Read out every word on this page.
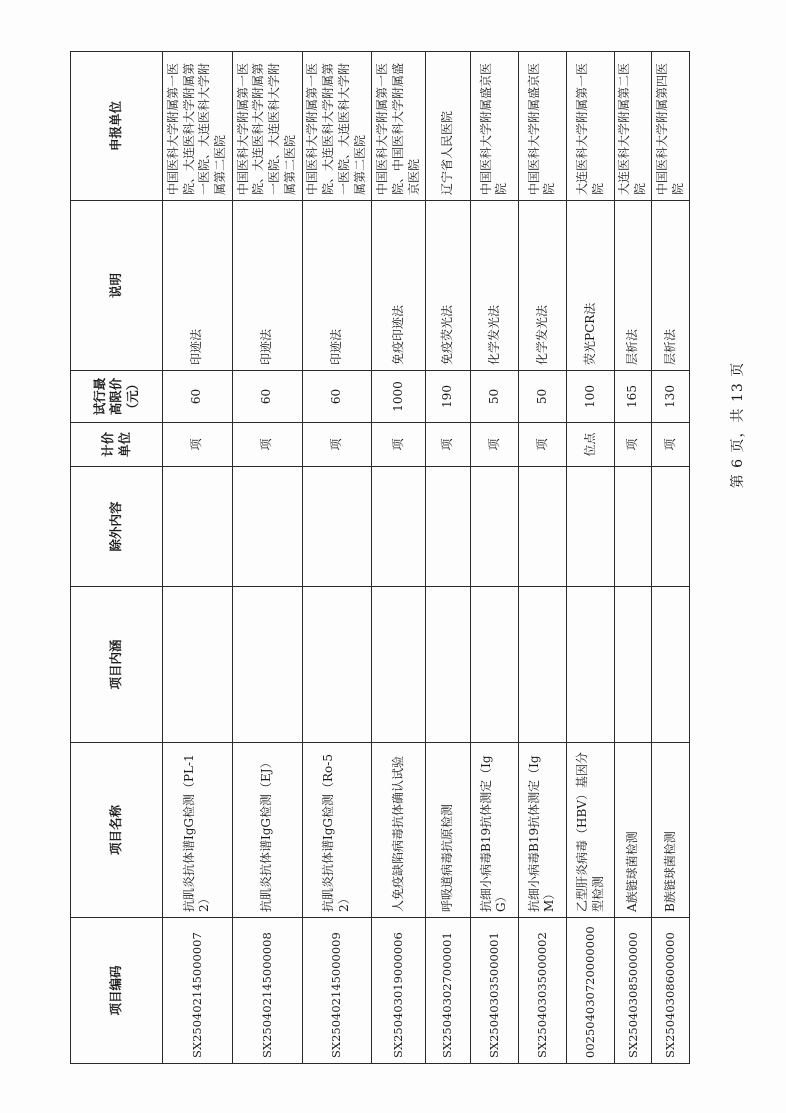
项目编码	项目名称	项目内涵	除外内容	计价单位	试行最高限价（元）	说明	申报单位
SX250402145000007	抗肌炎抗体谱IgG检测（PL-12）			项	60	印迹法	中国医科大学附属第一医院、大连医科大学附属第一医院、大连医科大学附属第二医院
SX250402145000008	抗肌炎抗体谱IgG检测（EJ）			项	60	印迹法	中国医科大学附属第一医院、大连医科大学附属第一医院、大连医科大学附属第二医院
SX250402145000009	抗肌炎抗体谱IgG检测（Ro-52）			项	60	印迹法	中国医科大学附属第一医院、大连医科大学附属第一医院、大连医科大学附属第二医院
SX250403019000006	人免疫缺陷病毒抗体确认试验			项	1000	免疫印迹法	中国医科大学附属第一医院、中国医科大学附属盛京医院
SX250403027000001	呼吸道病毒抗原检测			项	190	免疫荧光法	辽宁省人民医院
SX250403035000001	抗细小病毒B19抗体测定（IgG）			项	50	化学发光法	中国医科大学附属盛京医院
SX250403035000002	抗细小病毒B19抗体测定（IgM）			项	50	化学发光法	中国医科大学附属盛京医院
002504030720000000	乙型肝炎病毒（HBV）基因分型检测			位点	100	荧光PCR法	大连医科大学附属第一医院
SX250403085000000	A族链球菌检测			项	165	层析法	大连医科大学附属第二医院
SX250403086000000	B族链球菌检测			项	130	层析法	中国医科大学附属第四医院
第 6 页，共 13 页
